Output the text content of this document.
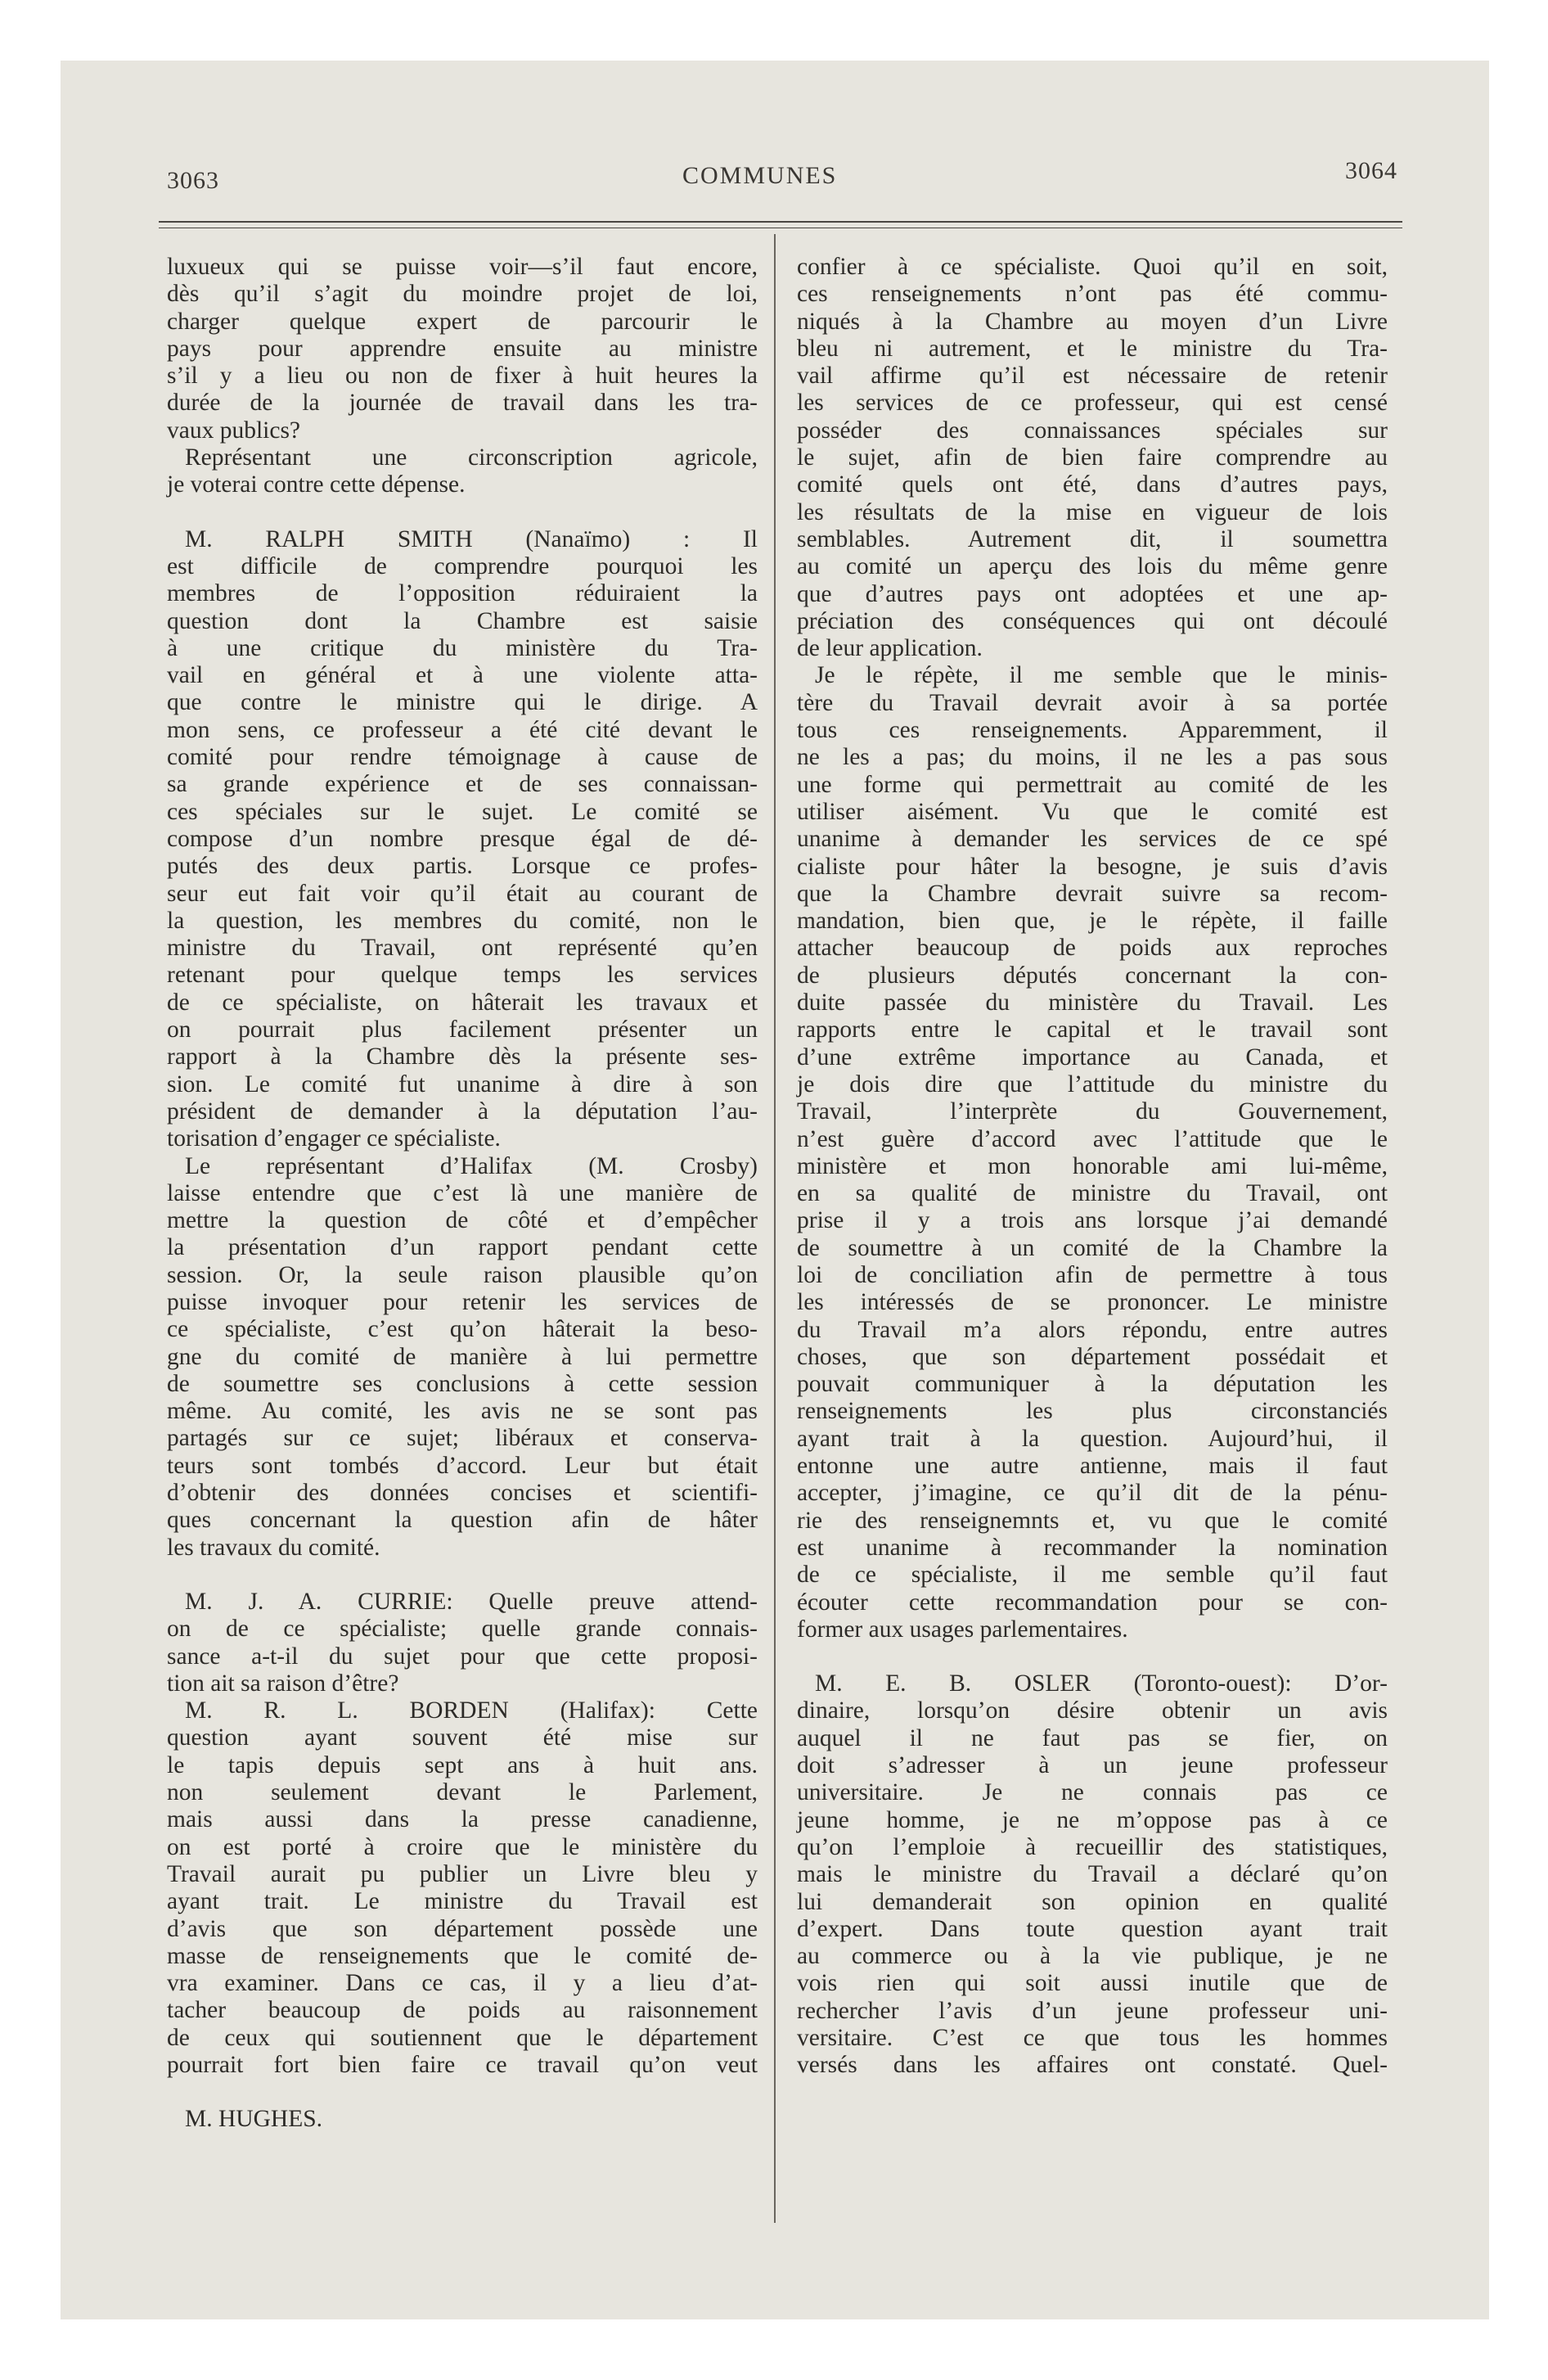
3063	COMMUNES	3064
luxueux qui se puisse voir—s’il faut encore,
dès qu’il s’agit du moindre projet de loi,
charger quelque expert de parcourir le
pays pour apprendre ensuite au ministre
s’il y a lieu ou non de fixer à huit heures la
durée de la journée de travail dans les tra-
vaux publics?
Représentant une circonscription agricole,
je voterai contre cette dépense.
M. RALPH SMITH (Nanaïmo) : Il
est difficile de comprendre pourquoi les
membres de l’opposition réduiraient la
question dont la Chambre est saisie
à une critique du ministère du Tra-
vail en général et à une violente atta-
que contre le ministre qui le dirige. A
mon sens, ce professeur a été cité devant le
comité pour rendre témoignage à cause de
sa grande expérience et de ses connaissan-
ces spéciales sur le sujet. Le comité se
compose d’un nombre presque égal de dé-
putés des deux partis. Lorsque ce profes-
seur eut fait voir qu’il était au courant de
la question, les membres du comité, non le
ministre du Travail, ont représenté qu’en
retenant pour quelque temps les services
de ce spécialiste, on hâterait les travaux et
on pourrait plus facilement présenter un
rapport à la Chambre dès la présente ses-
sion. Le comité fut unanime à dire à son
président de demander à la députation l’au-
torisation d’engager ce spécialiste.
Le représentant d’Halifax (M. Crosby)
laisse entendre que c’est là une manière de
mettre la question de côté et d’empêcher
la présentation d’un rapport pendant cette
session. Or, la seule raison plausible qu’on
puisse invoquer pour retenir les services de
ce spécialiste, c’est qu’on hâterait la beso-
gne du comité de manière à lui permettre
de soumettre ses conclusions à cette session
même. Au comité, les avis ne se sont pas
partagés sur ce sujet; libéraux et conserva-
teurs sont tombés d’accord. Leur but était
d’obtenir des données concises et scientifi-
ques concernant la question afin de hâter
les travaux du comité.
M. J. A. CURRIE: Quelle preuve attend-
on de ce spécialiste; quelle grande connais-
sance a-t-il du sujet pour que cette proposi-
tion ait sa raison d’être?
M. R. L. BORDEN (Halifax): Cette
question ayant souvent été mise sur
le tapis depuis sept ans à huit ans.
non seulement devant le Parlement,
mais aussi dans la presse canadienne,
on est porté à croire que le ministère du
Travail aurait pu publier un Livre bleu y
ayant trait. Le ministre du Travail est
d’avis que son département possède une
masse de renseignements que le comité de-
vra examiner. Dans ce cas, il y a lieu d’at-
tacher beaucoup de poids au raisonnement
de ceux qui soutiennent que le département
pourrait fort bien faire ce travail qu’on veut
M. HUGHES.
confier à ce spécialiste. Quoi qu’il en soit,
ces renseignements n’ont pas été commu-
niqués à la Chambre au moyen d’un Livre
bleu ni autrement, et le ministre du Tra-
vail affirme qu’il est nécessaire de retenir
les services de ce professeur, qui est censé
posséder des connaissances spéciales sur
le sujet, afin de bien faire comprendre au
comité quels ont été, dans d’autres pays,
les résultats de la mise en vigueur de lois
semblables. Autrement dit, il soumettra
au comité un aperçu des lois du même genre
que d’autres pays ont adoptées et une ap-
préciation des conséquences qui ont découlé
de leur application.
Je le répète, il me semble que le minis-
tère du Travail devrait avoir à sa portée
tous ces renseignements. Apparemment, il
ne les a pas; du moins, il ne les a pas sous
une forme qui permettrait au comité de les
utiliser aisément. Vu que le comité est
unanime à demander les services de ce spé
cialiste pour hâter la besogne, je suis d’avis
que la Chambre devrait suivre sa recom-
mandation, bien que, je le répète, il faille
attacher beaucoup de poids aux reproches
de plusieurs députés concernant la con-
duite passée du ministère du Travail. Les
rapports entre le capital et le travail sont
d’une extrême importance au Canada, et
je dois dire que l’attitude du ministre du
Travail, l’interprète du Gouvernement,
n’est guère d’accord avec l’attitude que le
ministère et mon honorable ami lui-même,
en sa qualité de ministre du Travail, ont
prise il y a trois ans lorsque j’ai demandé
de soumettre à un comité de la Chambre la
loi de conciliation afin de permettre à tous
les intéressés de se prononcer. Le ministre
du Travail m’a alors répondu, entre autres
choses, que son département possédait et
pouvait communiquer à la députation les
renseignements les plus circonstanciés
ayant trait à la question. Aujourd’hui, il
entonne une autre antienne, mais il faut
accepter, j’imagine, ce qu’il dit de la pénu-
rie des renseignemnts et, vu que le comité
est unanime à recommander la nomination
de ce spécialiste, il me semble qu’il faut
écouter cette recommandation pour se con-
former aux usages parlementaires.
M. E. B. OSLER (Toronto-ouest): D’or-
dinaire, lorsqu’on désire obtenir un avis
auquel il ne faut pas se fier, on
doit s’adresser à un jeune professeur
universitaire. Je ne connais pas ce
jeune homme, je ne m’oppose pas à ce
qu’on l’emploie à recueillir des statistiques,
mais le ministre du Travail a déclaré qu’on
lui demanderait son opinion en qualité
d’expert. Dans toute question ayant trait
au commerce ou à la vie publique, je ne
vois rien qui soit aussi inutile que de
rechercher l’avis d’un jeune professeur uni-
versitaire. C’est ce que tous les hommes
versés dans les affaires ont constaté. Quel-
